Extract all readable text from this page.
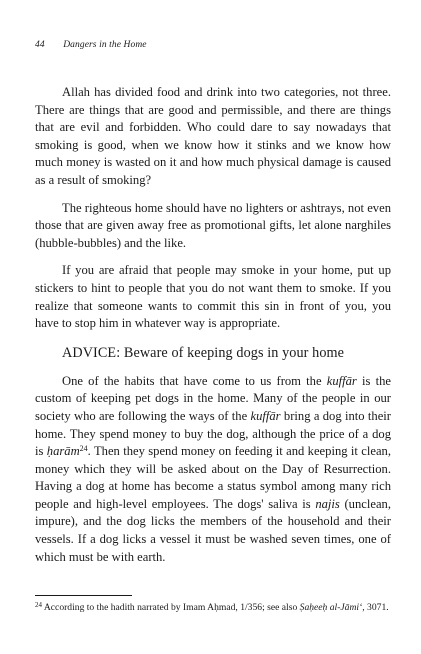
44 Dangers in the Home

Allah has divided food and drink into two categories, not three. There are things that are good and permissible, and there are things that are evil and forbidden. Who could dare to say nowadays that smoking is good, when we know how it stinks and we know how much money is wasted on it and how much physical damage is caused as a result of smoking?

The righteous home should have no lighters or ashtrays, not even those that are given away free as promotional gifts, let alone narghiles (hubble-bubbles) and the like.

If you are afraid that people may smoke in your home, put up stickers to hint to people that you do not want them to smoke. If you realize that someone wants to commit this sin in front of you, you have to stop him in whatever way is appropriate.

ADVICE: Beware of keeping dogs in your home

One of the habits that have come to us from the kuffār is the custom of keeping pet dogs in the home. Many of the people in our society who are following the ways of the kuffār bring a dog into their home. They spend money to buy the dog, although the price of a dog is ḥarām$^{24}$. Then they spend money on feeding it and keeping it clean, money which they will be asked about on the Day of Resurrection. Having a dog at home has become a status symbol among many rich people and high-level employees. The dogs' saliva is najis (unclean, impure), and the dog licks the members of the household and their vessels. If a dog licks a vessel it must be washed seven times, one of which must be with earth.

$^{24}$ According to the hadith narrated by Imam Aḥmad, 1/356; see also Ṣaḥeeḥ al-Jāmi‘, 3071.
